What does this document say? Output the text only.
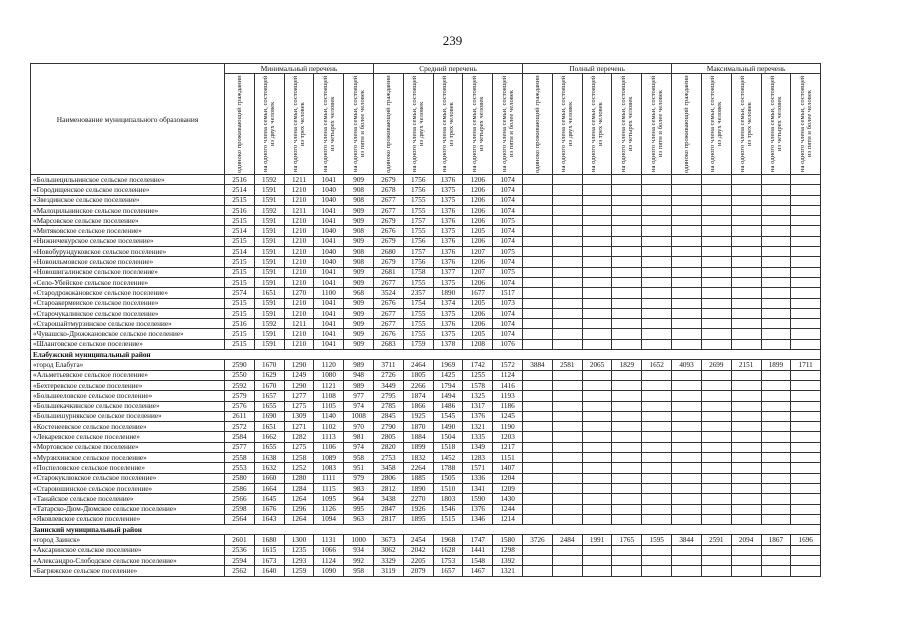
239
Наименование муниципального образования	Минимальный перечень					Средний перечень					Полный перечень					Максимальный перечень				

	одиноко проживающий граждании	на одного члена семьи, состоящей из двух человек	на одного члена семьи, состоящей из трех человек	на одного члена семьи, состоящей из четырех человек	на одного члена семьи, состоящей из пяти и более человек	одиноко проживающий граждании	на одного члена семьи, состоящей из двух человек	на одного члена семьи, состоящей из трех человек	на одного члена семьи, состоящей из четырех человек	на одного члена семьи, состоящей из пяти и более человек	одиноко проживающий граждании	на одного члена семьи, состоящей из двух человек	на одного члена семьи, состоящей из трех человек	на одного члена семьи, состоящей из четырех человек	на одного члена семьи, состоящей из пяти и более человек	одиноко проживающий граждании	на одного члена семьи, состоящей из двух человек	на одного члена семьи, состоящей из трех человек	на одного члена семьи, состоящей из четырех человек	на одного члена семьи, состоящей из пяти и более человек

«Большецильнинское сельское поселение»	2516	1592	1211	1041	909	2679	1756	1376	1206	1074										
«Городищенское сельское поселение»	2514	1591	1210	1040	908	2678	1756	1375	1206	1074										
«Звездинское сельское поселение»	2515	1591	1210	1040	908	2677	1755	1375	1206	1074										
«Малоцильнинское сельское поселение»	2516	1592	1211	1041	909	2677	1755	1376	1206	1074										
«Марсовское сельское поселение»	2515	1591	1210	1041	909	2679	1757	1376	1206	1075										
«Митяковское сельское поселение»	2514	1591	1210	1040	908	2676	1755	1375	1205	1074										
«Нижнечекурское сельское поселение»	2515	1591	1210	1041	909	2679	1756	1376	1206	1074										
«Новобурундуковское сельское поселение»	2514	1591	1210	1040	908	2680	1757	1376	1207	1075										
«Новоильмовское сельское поселение»	2515	1591	1210	1040	908	2679	1756	1376	1206	1074										
«Новошигалинское сельское поселение»	2515	1591	1210	1041	909	2681	1758	1377	1207	1075										
«Село-Убейское сельское поселение»	2515	1591	1210	1041	909	2677	1755	1375	1206	1074										
«Стародрожжановское сельское поселение»	2574	1651	1270	1100	968	3524	2357	1890	1677	1517										
«Староакермеиское сельское поселение»	2515	1591	1210	1041	909	2676	1754	1374	1205	1073										
«Старочукалинское сельское поселение»	2515	1591	1210	1041	909	2677	1755	1375	1206	1074										
«Старошайтмурзинское сельское поселение»	2516	1592	1211	1041	909	2677	1755	1376	1206	1074										
«Чувашско-Дрожжановское сельское поселение»	2515	1591	1210	1041	909	2676	1755	1375	1205	1074										
«Шланговское сельское поселение»	2515	1591	1210	1041	909	2683	1759	1378	1208	1076										
Елабужский муниципальный район																				
«город Елабуга»	2590	1670	1290	1120	989	3711	2464	1969	1742	1572	3884	2581	2065	1829	1652	4093	2699	2151	1899	1711
«Альметьевское сельское поселение»	2550	1629	1249	1080	948	2726	1805	1425	1255	1124										
«Бехтеревское сельское поселение»	2592	1670	1290	1121	989	3449	2266	1794	1578	1416										
«Большееловское сельское поселение»	2579	1657	1277	1108	977	2795	1874	1494	1325	1193										
«Большекачкинское сельское поселение»	2576	1655	1275	1105	974	2785	1866	1486	1317	1186										
«Большешурнякское сельское поселение»	2611	1690	1309	1140	1008	2845	1925	1545	1376	1245										
«Костенеевское сельское поселение»	2572	1651	1271	1102	970	2790	1870	1490	1321	1190										
«Лекаревское сельское поселение»	2584	1662	1282	1113	981	2805	1884	1504	1335	1203										
«Мортовское сельское поселение»	2577	1655	1275	1106	974	2820	1899	1518	1349	1217										
«Мурзихинское сельское поселение»	2558	1638	1258	1089	958	2753	1832	1452	1283	1151										
«Поспеловское сельское поселение»	2553	1632	1252	1083	951	3458	2264	1788	1571	1407										
«Старокуклюкское сельское поселение»	2580	1660	1280	1111	979	2806	1885	1505	1336	1204										
«Староюшинское сельское поселение»	2586	1664	1284	1115	983	2812	1890	1510	1341	1209										
«Танайское сельское поселение»	2566	1645	1264	1095	964	3438	2270	1803	1590	1430										
«Татарско-Дюм-Дюмское сельское поселение»	2598	1676	1296	1126	995	2847	1926	1546	1376	1244										
«Яковлевское сельское поселение»	2564	1643	1264	1094	963	2817	1895	1515	1346	1214										
Заинский муниципальный район																				
«город Заинск»	2601	1680	1300	1131	1000	3673	2454	1968	1747	1580	3726	2484	1991	1765	1595	3844	2591	2094	1867	1696
«Аксаринское сельское поселение»	2536	1615	1235	1066	934	3062	2042	1628	1441	1298										
«Александро-Слободское сельское поселение»	2594	1673	1293	1124	992	3329	2205	1753	1548	1392										
«Багряжское сельское поселение»	2562	1640	1259	1090	958	3119	2079	1657	1467	1321										
